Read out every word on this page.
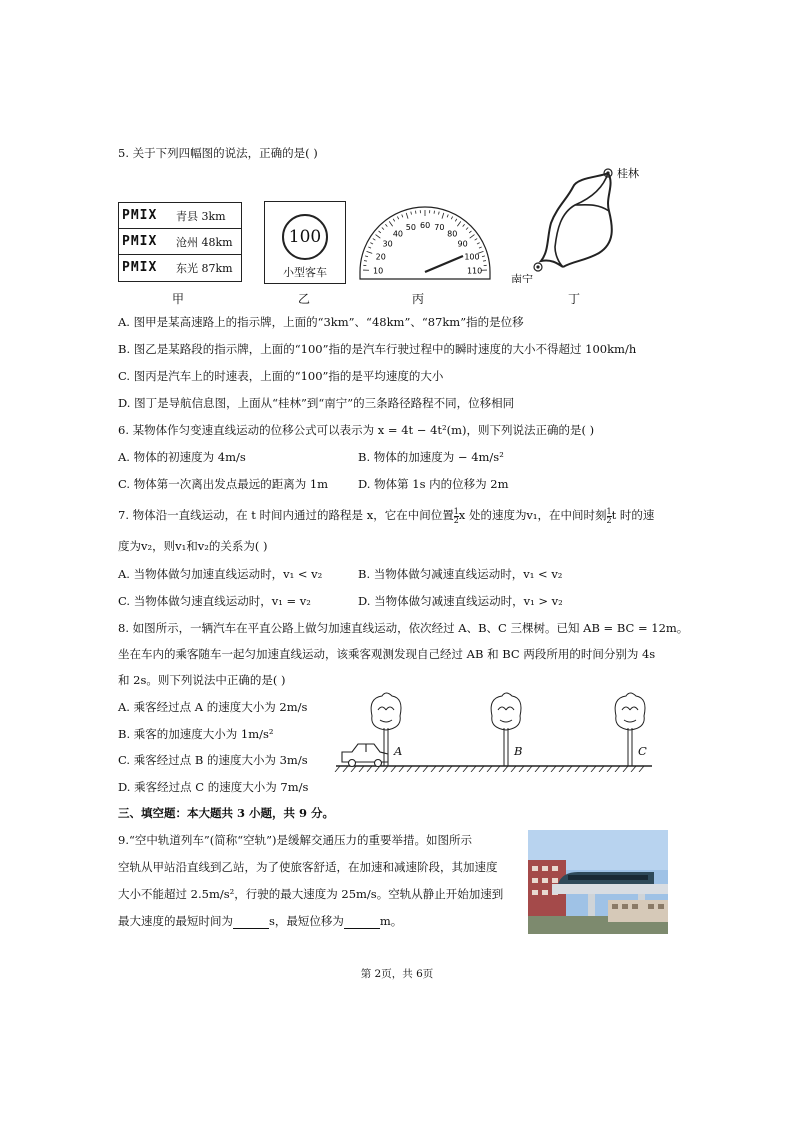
5. 关于下列四幅图的说法，正确的是( )
PMIX	青县 3km
PMIX	沧州 48km
PMIX	东光 87km
100
小型客车	10
20
30
40
50 60 70
80
90
100
110
桂林
南宁
甲	乙	丙	丁
A. 图甲是某高速路上的指示牌，上面的“3km”、“48km”、“87km”指的是位移
B. 图乙是某路段的指示牌，上面的“100”指的是汽车行驶过程中的瞬时速度的大小不得超过 100km/h
C. 图丙是汽车上的时速表，上面的“100”指的是平均速度的大小
D. 图丁是导航信息图，上面从“桂林”到“南宁”的三条路径路程不同，位移相同
6. 某物体作匀变速直线运动的位移公式可以表示为 x = 4t − 4t²(m)，则下列说法正确的是( )
A. 物体的初速度为 4m/s	B. 物体的加速度为 − 4m/s²
C. 物体第一次离出发点最远的距离为 1m	D. 物体第 1s 内的位移为 2m
7. 物体沿一直线运动，在 t 时间内通过的路程是 x，它在中间位置 $\frac{1}{2}$ x 处的速度为v₁，在中间时刻 $\frac{1}{2}$ t 时的速
度为v₂，则v₁和v₂的关系为( )
A. 当物体做匀加速直线运动时，v₁ < v₂	B. 当物体做匀减速直线运动时，v₁ < v₂
C. 当物体做匀速直线运动时，v₁ = v₂	D. 当物体做匀减速直线运动时，v₁ > v₂
8. 如图所示，一辆汽车在平直公路上做匀加速直线运动，依次经过 A、B、C 三棵树。已知 AB = BC = 12m。
坐在车内的乘客随车一起匀加速直线运动，该乘客观测发现自己经过 AB 和 BC 两段所用的时间分别为 4s
和 2s。则下列说法中正确的是( )
A. 乘客经过点 A 的速度大小为 2m/s
B. 乘客的加速度大小为 1m/s²
C. 乘客经过点 B 的速度大小为 3m/s
D. 乘客经过点 C 的速度大小为 7m/s
A	B	C
三、填空题：本大题共 3 小题，共 9 分。
9.“空中轨道列车”(简称“空轨”)是缓解交通压力的重要举措。如图所示
空轨从甲站沿直线到乙站，为了使旅客舒适，在加速和减速阶段，其加速度
大小不能超过 2.5m/s²，行驶的最大速度为 25m/s。空轨从静止开始加速到
最大速度的最短时间为	s，最短位移为	m。
第 2页，共 6页
